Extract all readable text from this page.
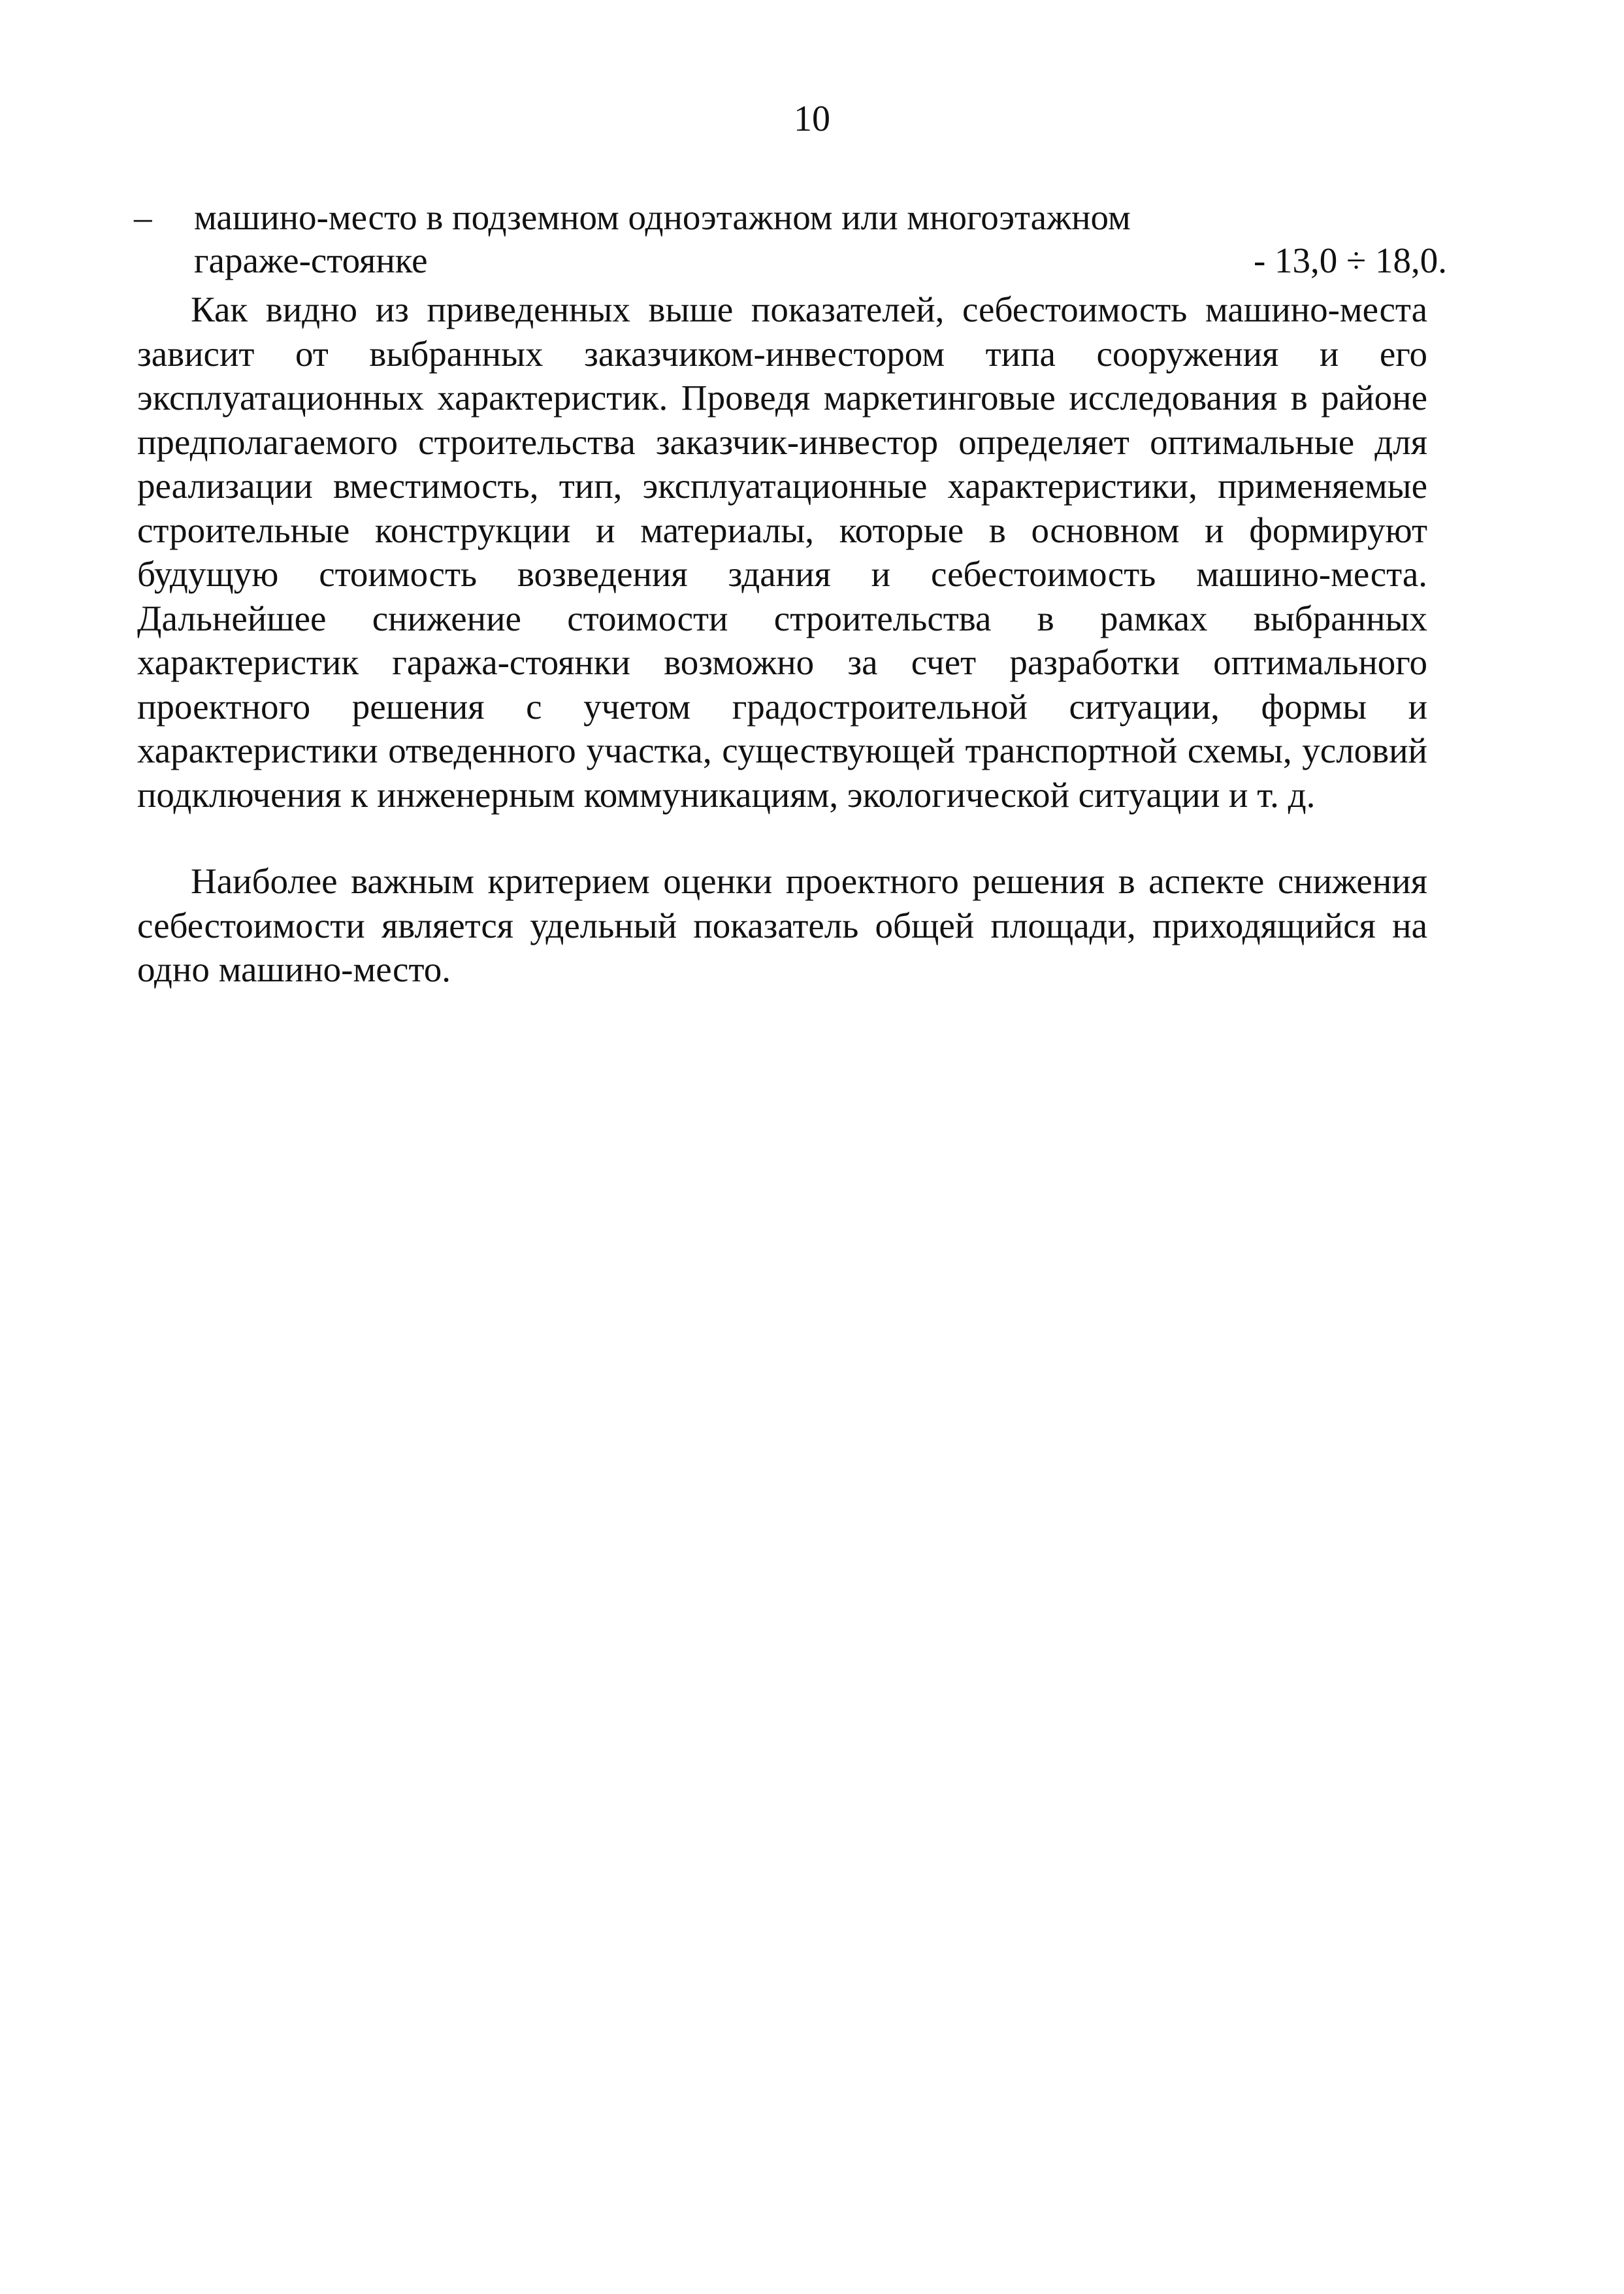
10
– машино-место в подземном одноэтажном или многоэтажном
гараже-стоянке	- 13,0 ÷ 18,0.

Как видно из приведенных выше показателей, себестоимость машино-места зависит от выбранных заказчиком-инвестором типа сооружения и его эксплуатационных характеристик. Проведя маркетинговые исследования в районе предполагаемого строительства заказчик-инвестор определяет оптимальные для реализации вместимость, тип, эксплуатационные характеристики, применяемые строительные конструкции и материалы, которые в основном и формируют будущую стоимость возведения здания и себестоимость машино-места. Дальнейшее снижение стоимости строительства в рамках выбранных характеристик гаража-стоянки возможно за счет разработки оптимального проектного решения с учетом градостроительной ситуации, формы и характеристики отведенного участка, существующей транспортной схемы, условий подключения к инженерным коммуникациям, экологической ситуации и т. д.

Наиболее важным критерием оценки проектного решения в аспекте снижения себестоимости является удельный показатель общей площади, приходящийся на одно машино-место.
